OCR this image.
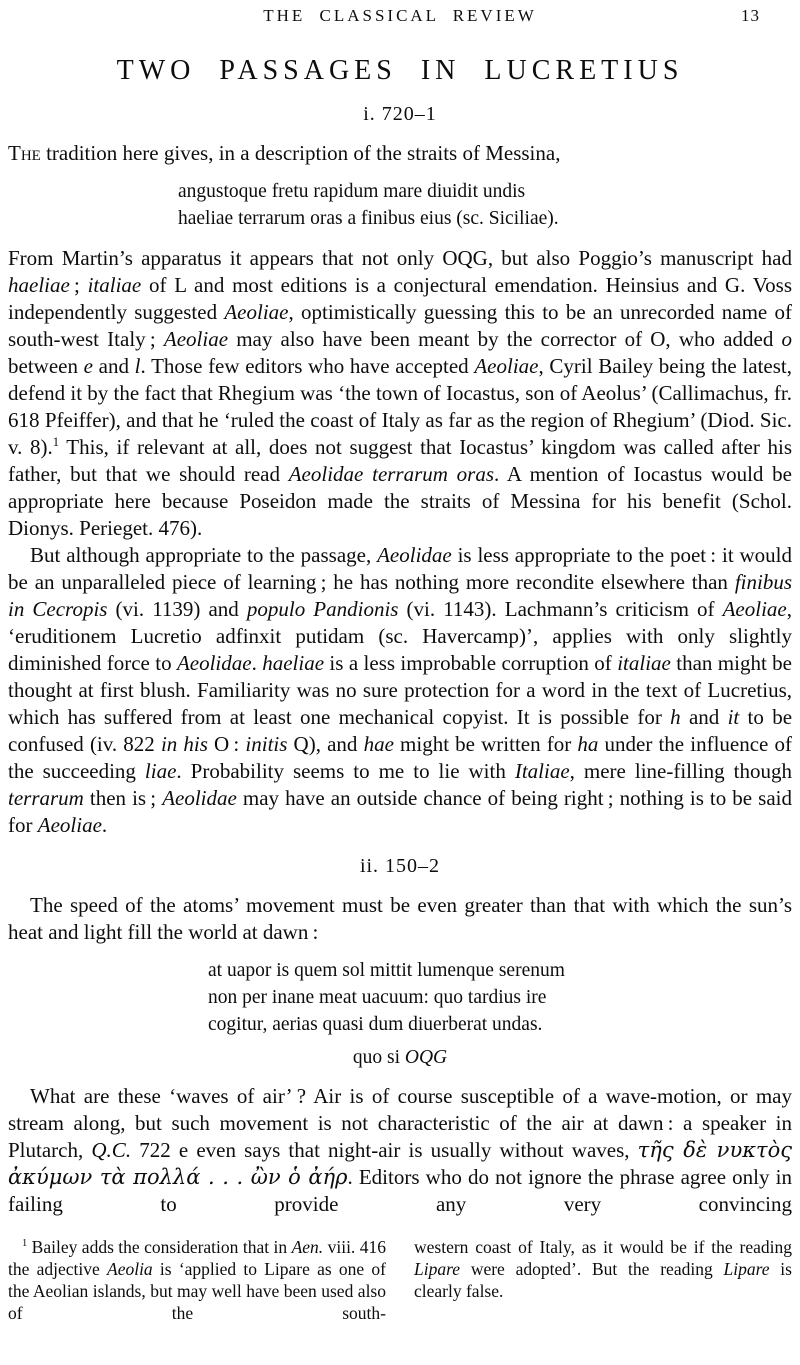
THE CLASSICAL REVIEW	13
TWO PASSAGES IN LUCRETIUS
i. 720–1

The tradition here gives, in a description of the straits of Messina,

angustoque fretu rapidum mare diuidit undis
haeliae terrarum oras a finibus eius (sc. Siciliae).

From Martin’s apparatus it appears that not only OQG, but also Poggio’s manuscript had haeliae ; italiae of L and most editions is a conjectural emendation. Heinsius and G. Voss independently suggested Aeoliae, optimistically guessing this to be an unrecorded name of south-west Italy ; Aeoliae may also have been meant by the corrector of O, who added o between e and l. Those few editors who have accepted Aeoliae, Cyril Bailey being the latest, defend it by the fact that Rhegium was ‘the town of Iocastus, son of Aeolus’ (Callimachus, fr. 618 Pfeiffer), and that he ‘ruled the coast of Italy as far as the region of Rhegium’ (Diod. Sic. v. 8).$^1$ This, if relevant at all, does not suggest that Iocastus’ kingdom was called after his father, but that we should read Aeolidae terrarum oras. A mention of Iocastus would be appropriate here because Poseidon made the straits of Messina for his benefit (Schol. Dionys. Perieget. 476).

But although appropriate to the passage, Aeolidae is less appropriate to the poet : it would be an unparalleled piece of learning ; he has nothing more recondite elsewhere than finibus in Cecropis (vi. 1139) and populo Pandionis (vi. 1143). Lachmann’s criticism of Aeoliae, ‘eruditionem Lucretio adfinxit putidam (sc. Havercamp)’, applies with only slightly diminished force to Aeolidae. haeliae is a less improbable corruption of italiae than might be thought at first blush. Familiarity was no sure protection for a word in the text of Lucretius, which has suffered from at least one mechanical copyist. It is possible for h and it to be confused (iv. 822 in his O : initis Q), and hae might be written for ha under the influence of the succeeding liae. Probability seems to me to lie with Italiae, mere line-filling though terrarum then is ; Aeolidae may have an outside chance of being right ; nothing is to be said for Aeoliae.

ii. 150–2

The speed of the atoms’ movement must be even greater than that with which the sun’s heat and light fill the world at dawn :

at uapor is quem sol mittit lumenque serenum
non per inane meat uacuum: quo tardius ire
cogitur, aerias quasi dum diuerberat undas.

quo si OQG

What are these ‘waves of air’ ? Air is of course susceptible of a wave-motion, or may stream along, but such movement is not characteristic of the air at dawn : a speaker in Plutarch, Q.C. 722 e even says that night-air is usually without waves, τῆς δὲ νυκτὸς ἀκύμων τὰ πολλά . . . ὢν ὁ ἀήρ. Editors who do not ignore the phrase agree only in failing to provide any very convincing

$^1$ Bailey adds the consideration that in Aen. viii. 416 the adjective Aeolia is ‘applied to Lipare as one of the Aeolian islands, but may well have been used also of the south-

western coast of Italy, as it would be if the reading Lipare were adopted’. But the reading Lipare is clearly false.
